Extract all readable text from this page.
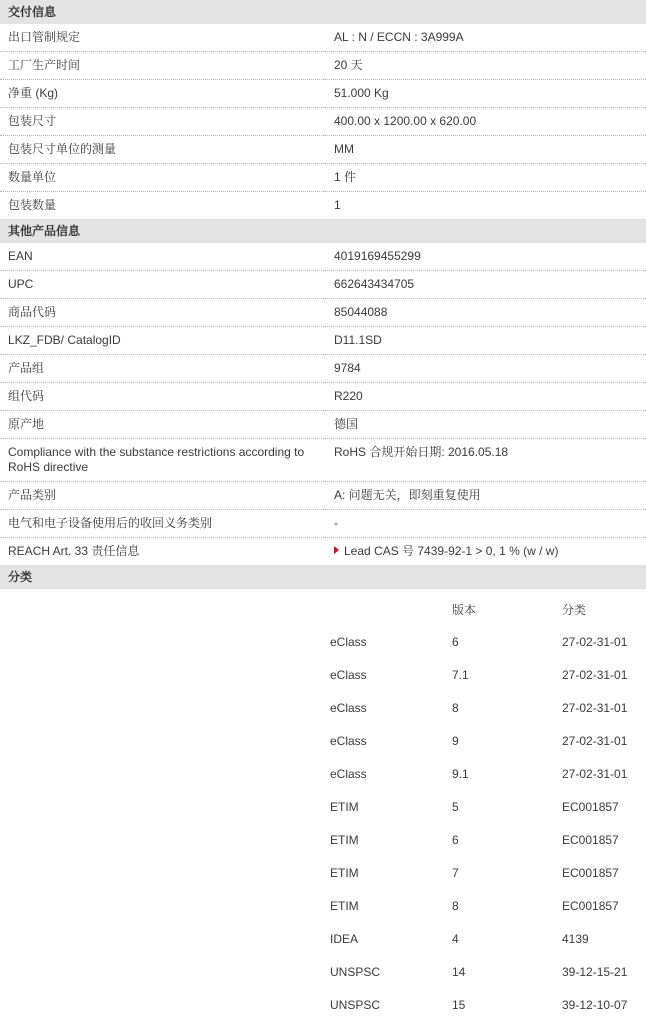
交付信息
出口管制规定	AL : N / ECCN : 3A999A
工厂生产时间	20 天
净重 (Kg)	51.000 Kg
包装尺寸	400.00 x 1200.00 x 620.00
包装尺寸单位的测量	MM
数量单位	1 件
包装数量	1
其他产品信息
EAN	4019169455299
UPC	662643434705
商品代码	85044088
LKZ_FDB/ CatalogID	D11.1SD
产品组	9784
组代码	R220
原产地	德国
Compliance with the substance restrictions according to RoHS directive	RoHS 合规开始日期: 2016.05.18
产品类别	A: 问题无关，即刻重复使用
电气和电子设备使用后的收回义务类别	-
REACH Art. 33 责任信息	Lead CAS 号 7439-92-1 > 0, 1 % (w / w)
分类
		版本	分类
	eClass	6	27-02-31-01
	eClass	7.1	27-02-31-01
	eClass	8	27-02-31-01
	eClass	9	27-02-31-01
	eClass	9.1	27-02-31-01
	ETIM	5	EC001857
	ETIM	6	EC001857
	ETIM	7	EC001857
	ETIM	8	EC001857
	IDEA	4	4139
	UNSPSC	14	39-12-15-21
	UNSPSC	15	39-12-10-07
